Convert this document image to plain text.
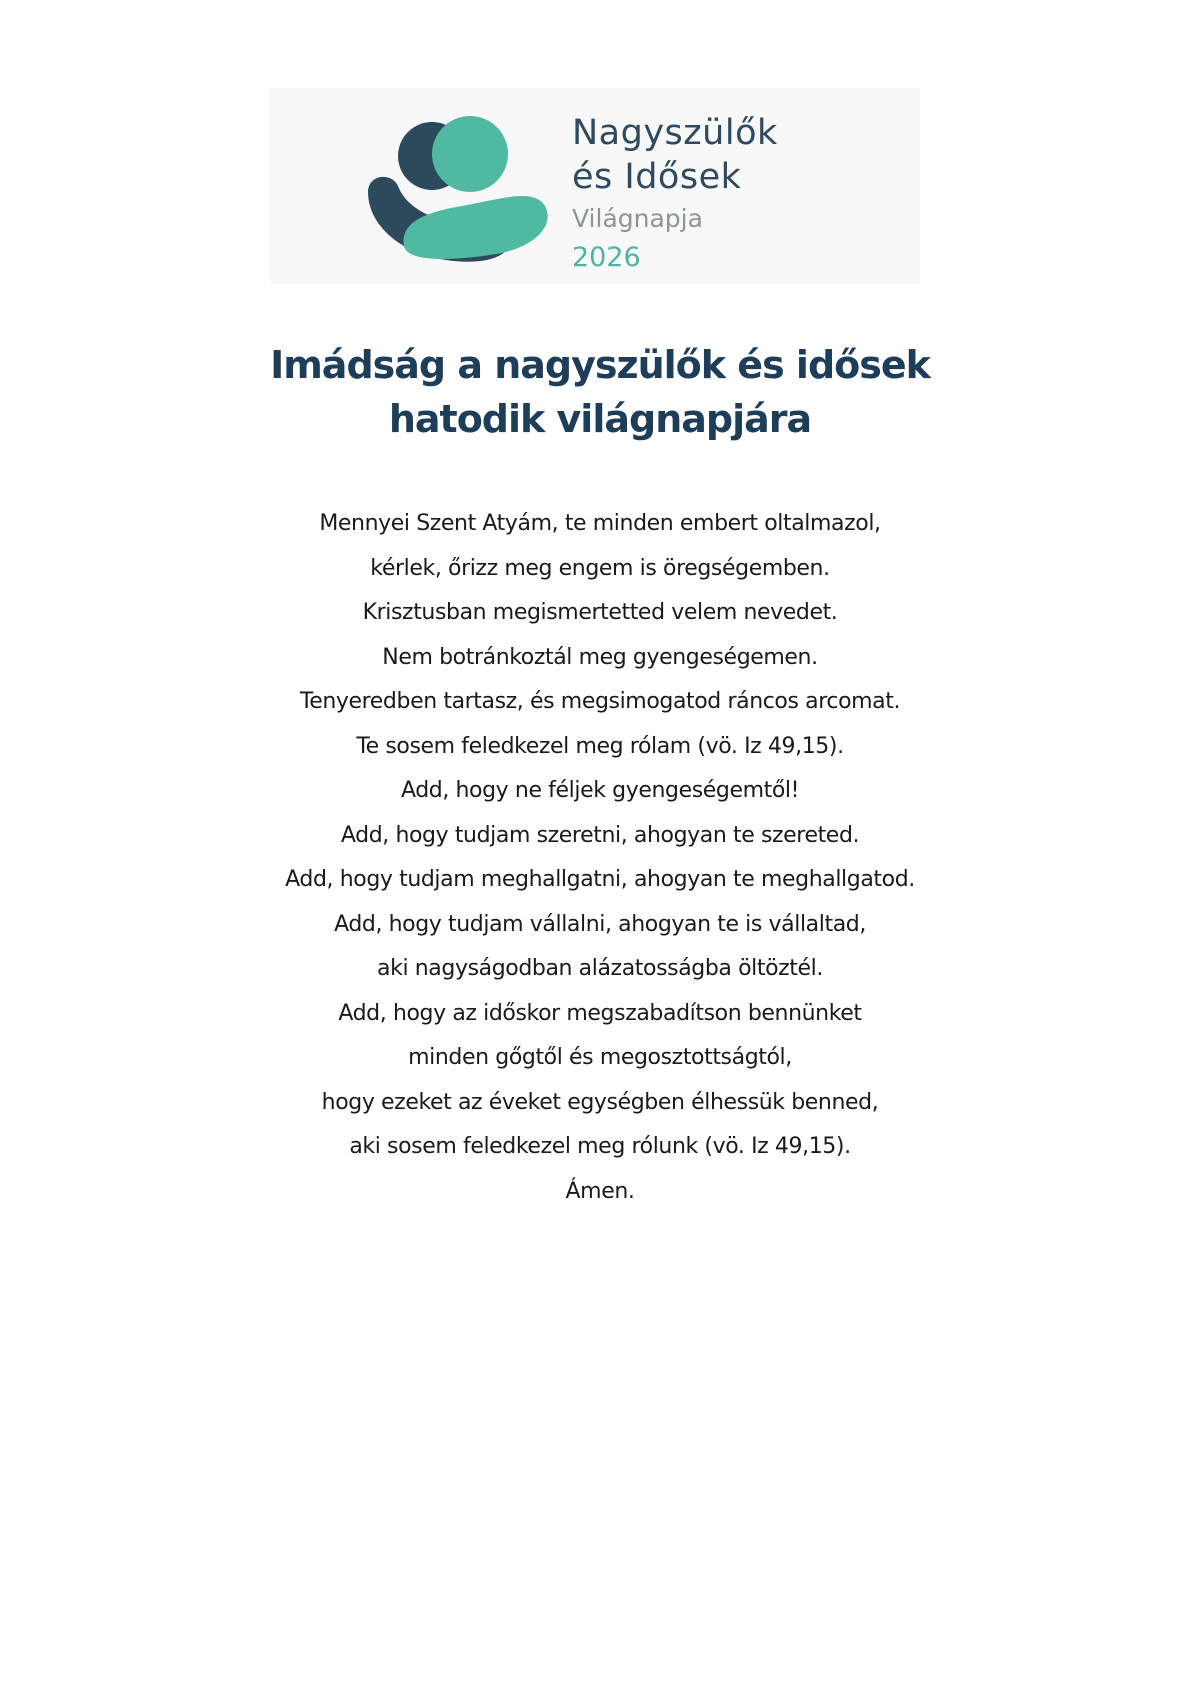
Nagyszülők
és Idősek
Világnapja
2026
Imádság a nagyszülők és idősek
hatodik világnapjára
Mennyei Szent Atyám, te minden embert oltalmazol,
kérlek, őrizz meg engem is öregségemben.
Krisztusban megismertetted velem nevedet.
Nem botránkoztál meg gyengeségemen.
Tenyeredben tartasz, és megsimogatod ráncos arcomat.
Te sosem feledkezel meg rólam (vö. Iz 49,15).
Add, hogy ne féljek gyengeségemtől!
Add, hogy tudjam szeretni, ahogyan te szereted.
Add, hogy tudjam meghallgatni, ahogyan te meghallgatod.
Add, hogy tudjam vállalni, ahogyan te is vállaltad,
aki nagyságodban alázatosságba öltöztél.
Add, hogy az időskor megszabadítson bennünket
minden gőgtől és megosztottságtól,
hogy ezeket az éveket egységben élhessük benned,
aki sosem feledkezel meg rólunk (vö. Iz 49,15).
Ámen.
